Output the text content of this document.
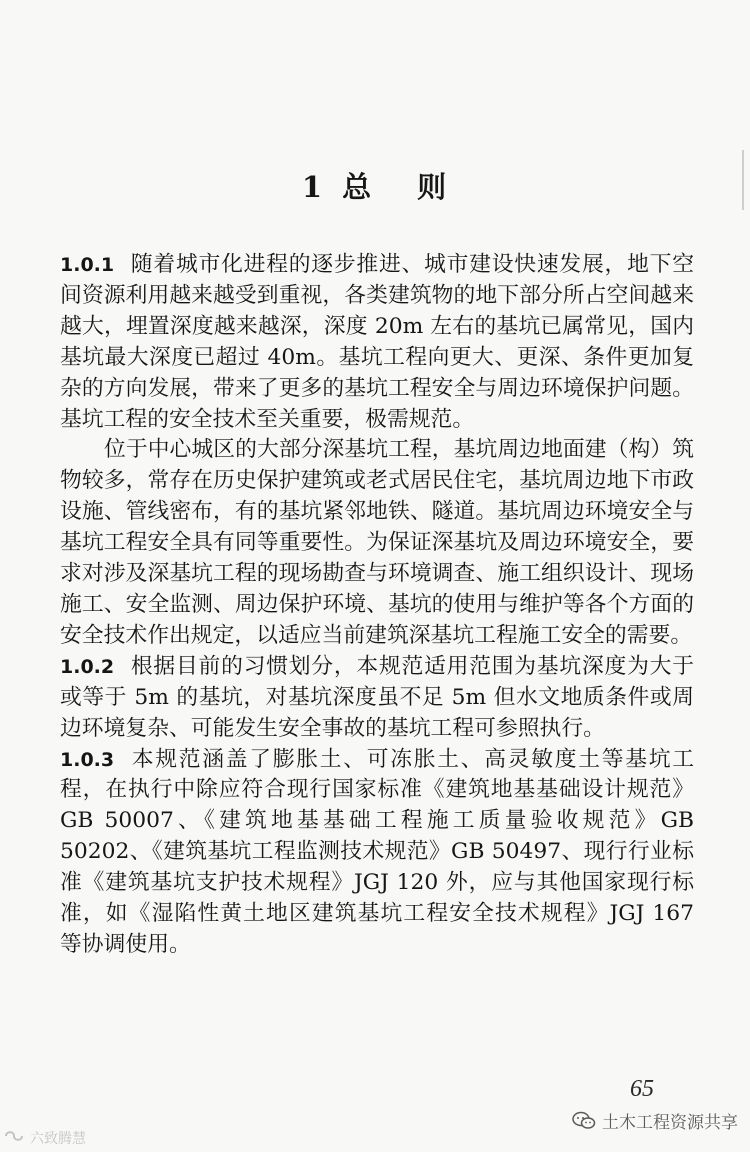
1 总 则

1.0.1 随着城市化进程的逐步推进、城市建设快速发展，地下空间资源利用越来越受到重视，各类建筑物的地下部分所占空间越来越大，埋置深度越来越深，深度 20m 左右的基坑已属常见，国内基坑最大深度已超过 40m。基坑工程向更大、更深、条件更加复杂的方向发展，带来了更多的基坑工程安全与周边环境保护问题。基坑工程的安全技术至关重要，极需规范。

位于中心城区的大部分深基坑工程，基坑周边地面建（构）筑物较多，常存在历史保护建筑或老式居民住宅，基坑周边地下市政设施、管线密布，有的基坑紧邻地铁、隧道。基坑周边环境安全与基坑工程安全具有同等重要性。为保证深基坑及周边环境安全，要求对涉及深基坑工程的现场勘查与环境调查、施工组织设计、现场施工、安全监测、周边保护环境、基坑的使用与维护等各个方面的安全技术作出规定，以适应当前建筑深基坑工程施工安全的需要。

1.0.2 根据目前的习惯划分，本规范适用范围为基坑深度为大于或等于 5m 的基坑，对基坑深度虽不足 5m 但水文地质条件或周边环境复杂、可能发生安全事故的基坑工程可参照执行。

1.0.3 本规范涵盖了膨胀土、可冻胀土、高灵敏度土等基坑工程，在执行中除应符合现行国家标准《建筑地基基础设计规范》GB 50007、《建筑地基基础工程施工质量验收规范》GB 50202、《建筑基坑工程监测技术规范》GB 50497、现行行业标准《建筑基坑支护技术规程》JGJ 120 外，应与其他国家现行标准，如《湿陷性黄土地区建筑基坑工程安全技术规程》JGJ 167 等协调使用。

65
六致腾慧
土木工程资源共享
